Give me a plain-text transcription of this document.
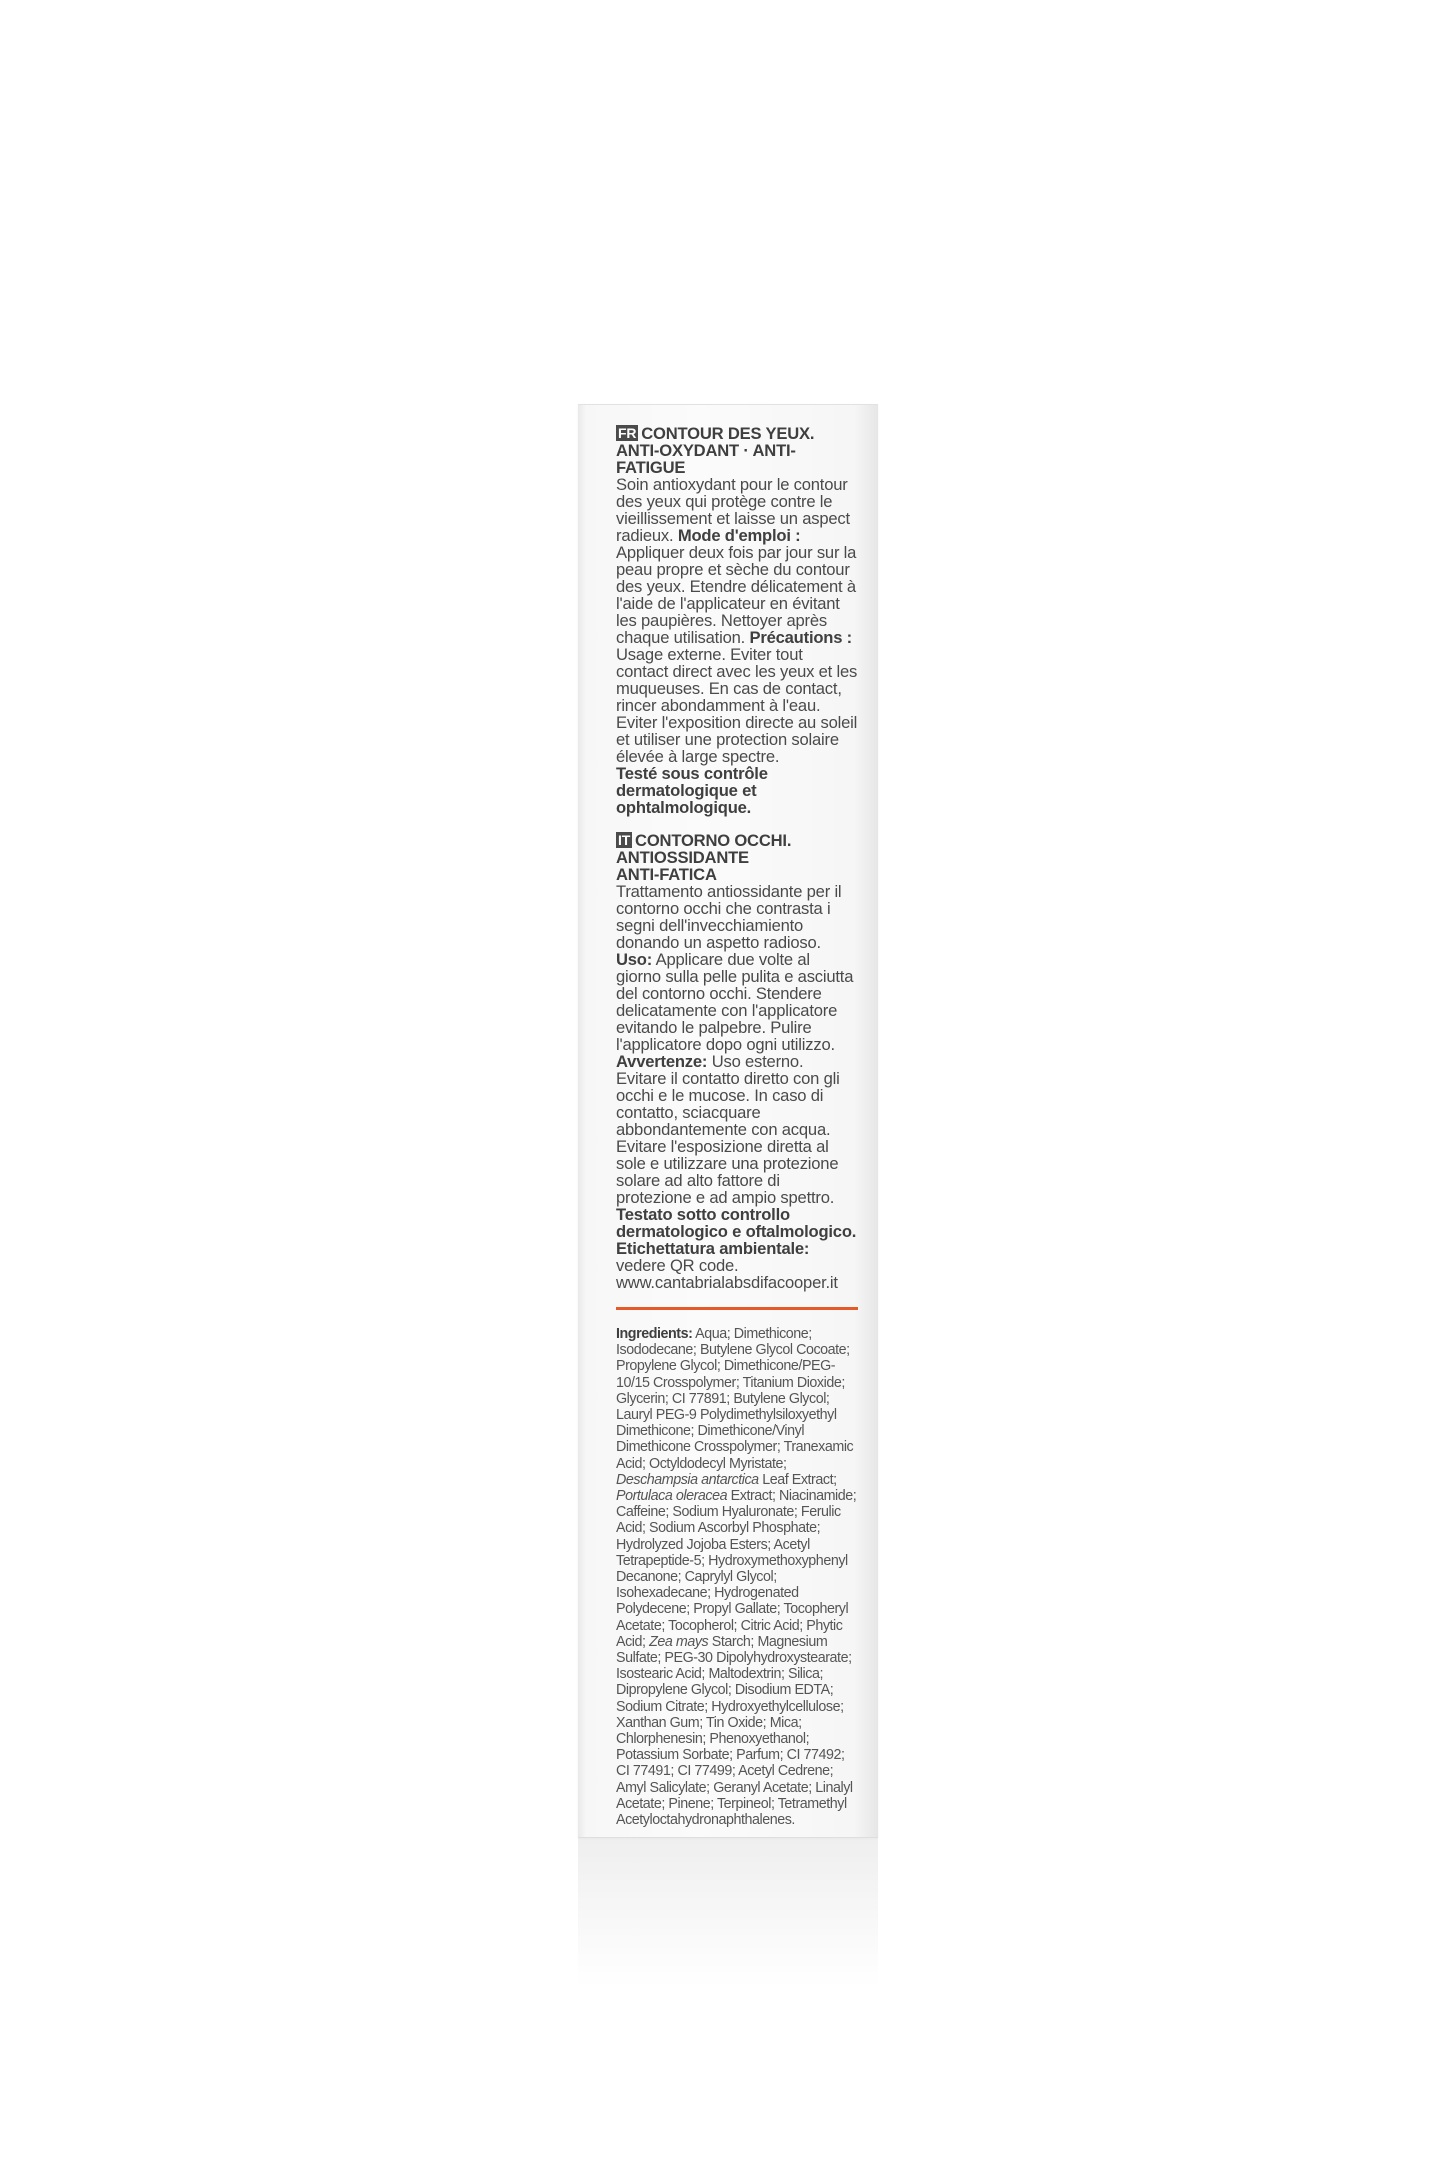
FR CONTOUR DES YEUX.
ANTI-OXYDANT · ANTI-FATIGUE
Soin antioxydant pour le contour des yeux qui protège contre le vieillissement et laisse un aspect radieux. Mode d'emploi : Appliquer deux fois par jour sur la peau propre et sèche du contour des yeux. Etendre délicatement à l'aide de l'applicateur en évitant les paupières. Nettoyer après chaque utilisation. Précautions : Usage externe. Eviter tout contact direct avec les yeux et les muqueuses. En cas de contact, rincer abondamment à l'eau. Eviter l'exposition directe au soleil et utiliser une protection solaire élevée à large spectre.
Testé sous contrôle dermatologique et ophtalmologique.
IT CONTORNO OCCHI.
ANTIOSSIDANTE
ANTI-FATICA
Trattamento antiossidante per il contorno occhi che contrasta i segni dell'invecchiamiento donando un aspetto radioso. Uso: Applicare due volte al giorno sulla pelle pulita e asciutta del contorno occhi. Stendere delicatamente con l'applicatore evitando le palpebre. Pulire l'applicatore dopo ogni utilizzo. Avvertenze: Uso esterno. Evitare il contatto diretto con gli occhi e le mucose. In caso di contatto, sciacquare abbondantemente con acqua. Evitare l'esposizione diretta al sole e utilizzare una protezione solare ad alto fattore di protezione e ad ampio spettro. Testato sotto controllo dermatologico e oftalmologico. Etichettatura ambientale:
vedere QR code.
www.cantabrialabsdifacooper.it
Ingredients: Aqua; Dimethicone; Isododecane; Butylene Glycol Cocoate; Propylene Glycol; Dimethicone/PEG-10/15 Crosspolymer; Titanium Dioxide; Glycerin; CI 77891; Butylene Glycol; Lauryl PEG-9 Polydimethylsiloxyethyl Dimethicone; Dimethicone/Vinyl Dimethicone Crosspolymer; Tranexamic Acid; Octyldodecyl Myristate; Deschampsia antarctica Leaf Extract; Portulaca oleracea Extract; Niacinamide; Caffeine; Sodium Hyaluronate; Ferulic Acid; Sodium Ascorbyl Phosphate; Hydrolyzed Jojoba Esters; Acetyl Tetrapeptide-5; Hydroxymethoxyphenyl Decanone; Caprylyl Glycol; Isohexadecane; Hydrogenated Polydecene; Propyl Gallate; Tocopheryl Acetate; Tocopherol; Citric Acid; Phytic Acid; Zea mays Starch; Magnesium Sulfate; PEG-30 Dipolyhydroxystearate; Isostearic Acid; Maltodextrin; Silica; Dipropylene Glycol; Disodium EDTA; Sodium Citrate; Hydroxyethylcellulose; Xanthan Gum; Tin Oxide; Mica; Chlorphenesin; Phenoxyethanol; Potassium Sorbate; Parfum; CI 77492; CI 77491; CI 77499; Acetyl Cedrene; Amyl Salicylate; Geranyl Acetate; Linalyl Acetate; Pinene; Terpineol; Tetramethyl Acetyloctahydronaphthalenes.
